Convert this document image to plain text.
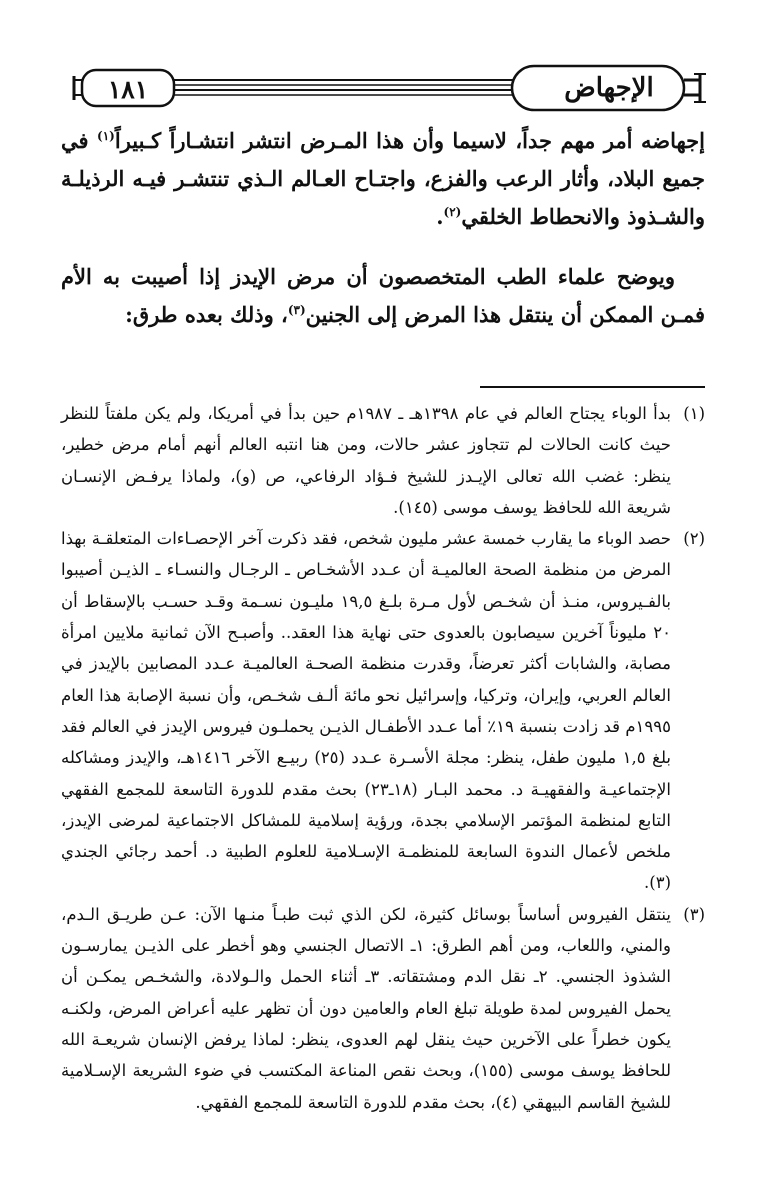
١٨١	الإجهاض

إجهاضه أمر مهم جداً، لاسيما وأن هذا المـرض انتشر انتشـاراً كـبيراً$^{(١)}$ في جميع البلاد، وأثار الرعب والفزع، واجتـاح العـالم الـذي تنتشـر فيـه الرذيلـة والشـذوذ والانحطاط الخلقي$^{(٢)}$.

ويوضح علماء الطب المتخصصون أن مرض الإيدز إذا أصيبت به الأم فمـن الممكن أن ينتقل هذا المرض إلى الجنين$^{(٣)}$، وذلك بعده طرق:

(١)
بدأ الوباء يجتاح العالم في عام ١٣٩٨هـ ـ ١٩٨٧م حين بدأ في أمريكا، ولم يكن ملفتاً للنظر حيث كانت الحالات لم تتجاوز عشر حالات، ومن هنا انتبه العالم أنهم أمام مرض خطير، ينظر: غضب الله تعالى الإيـدز للشيخ فـؤاد الرفاعي، ص (و)، ولماذا يرفـض الإنسـان شريعة الله للحافظ يوسف موسى (١٤٥).
(٢)
حصد الوباء ما يقارب خمسة عشر مليون شخص، فقد ذكرت آخر الإحصـاءات المتعلقـة بهذا المرض من منظمة الصحة العالميـة أن عـدد الأشخـاص ـ الرجـال والنسـاء ـ الذيـن أصيبوا بالفـيروس، منـذ أن شخـص لأول مـرة بلـغ ١٩,٥ مليـون نسـمة وقـد حسـب بالإسقاط أن ٢٠ مليوناً آخرين سيصابون بالعدوى حتى نهاية هذا العقد.. وأصبـح الآن ثمانية ملايين امرأة مصابة، والشابات أكثر تعرضاً، وقدرت منظمة الصحـة العالميـة عـدد المصابين بالإيدز في العالم العربي، وإيران، وتركيا، وإسرائيل نحو مائة ألـف شخـص، وأن نسبة الإصابة هذا العام ١٩٩٥م قد زادت بنسبة ١٩٪ أما عـدد الأطفـال الذيـن يحملـون فيروس الإيدز في العالم فقد بلغ ١,٥ مليون طفل، ينظر: مجلة الأسـرة عـدد (٢٥) ربيـع الآخر ١٤١٦هـ، والإيدز ومشاكله الإجتماعيـة والفقهيـة د. محمد البـار (١٨ـ٢٣) بحث مقدم للدورة التاسعة للمجمع الفقهي التابع لمنظمة المؤتمر الإسلامي بجدة، ورؤية إسلامية للمشاكل الاجتماعية لمرضى الإيدز، ملخص لأعمال الندوة السابعة للمنظمـة الإسـلامية للعلوم الطبية د. أحمد رجائي الجندي (٣).
(٣)
ينتقل الفيروس أساساً بوسائل كثيرة، لكن الذي ثبت طبـاً منـها الآن: عـن طريـق الـدم، والمني، واللعاب، ومن أهم الطرق: ١ـ الاتصال الجنسي وهو أخطر على الذيـن يمارسـون الشذوذ الجنسي. ٢ـ نقل الدم ومشتقاته. ٣ـ أثناء الحمل والـولادة، والشخـص يمكـن أن يحمل الفيروس لمدة طويلة تبلغ العام والعامين دون أن تظهر عليه أعراض المرض، ولكنـه يكون خطراً على الآخرين حيث ينقل لهم العدوى، ينظر: لماذا يرفض الإنسان شريعـة الله للحافظ يوسف موسى (١٥٥)، وبحث نقص المناعة المكتسب في ضوء الشريعة الإسـلامية للشيخ القاسم البيهقي (٤)، بحث مقدم للدورة التاسعة للمجمع الفقهي.
